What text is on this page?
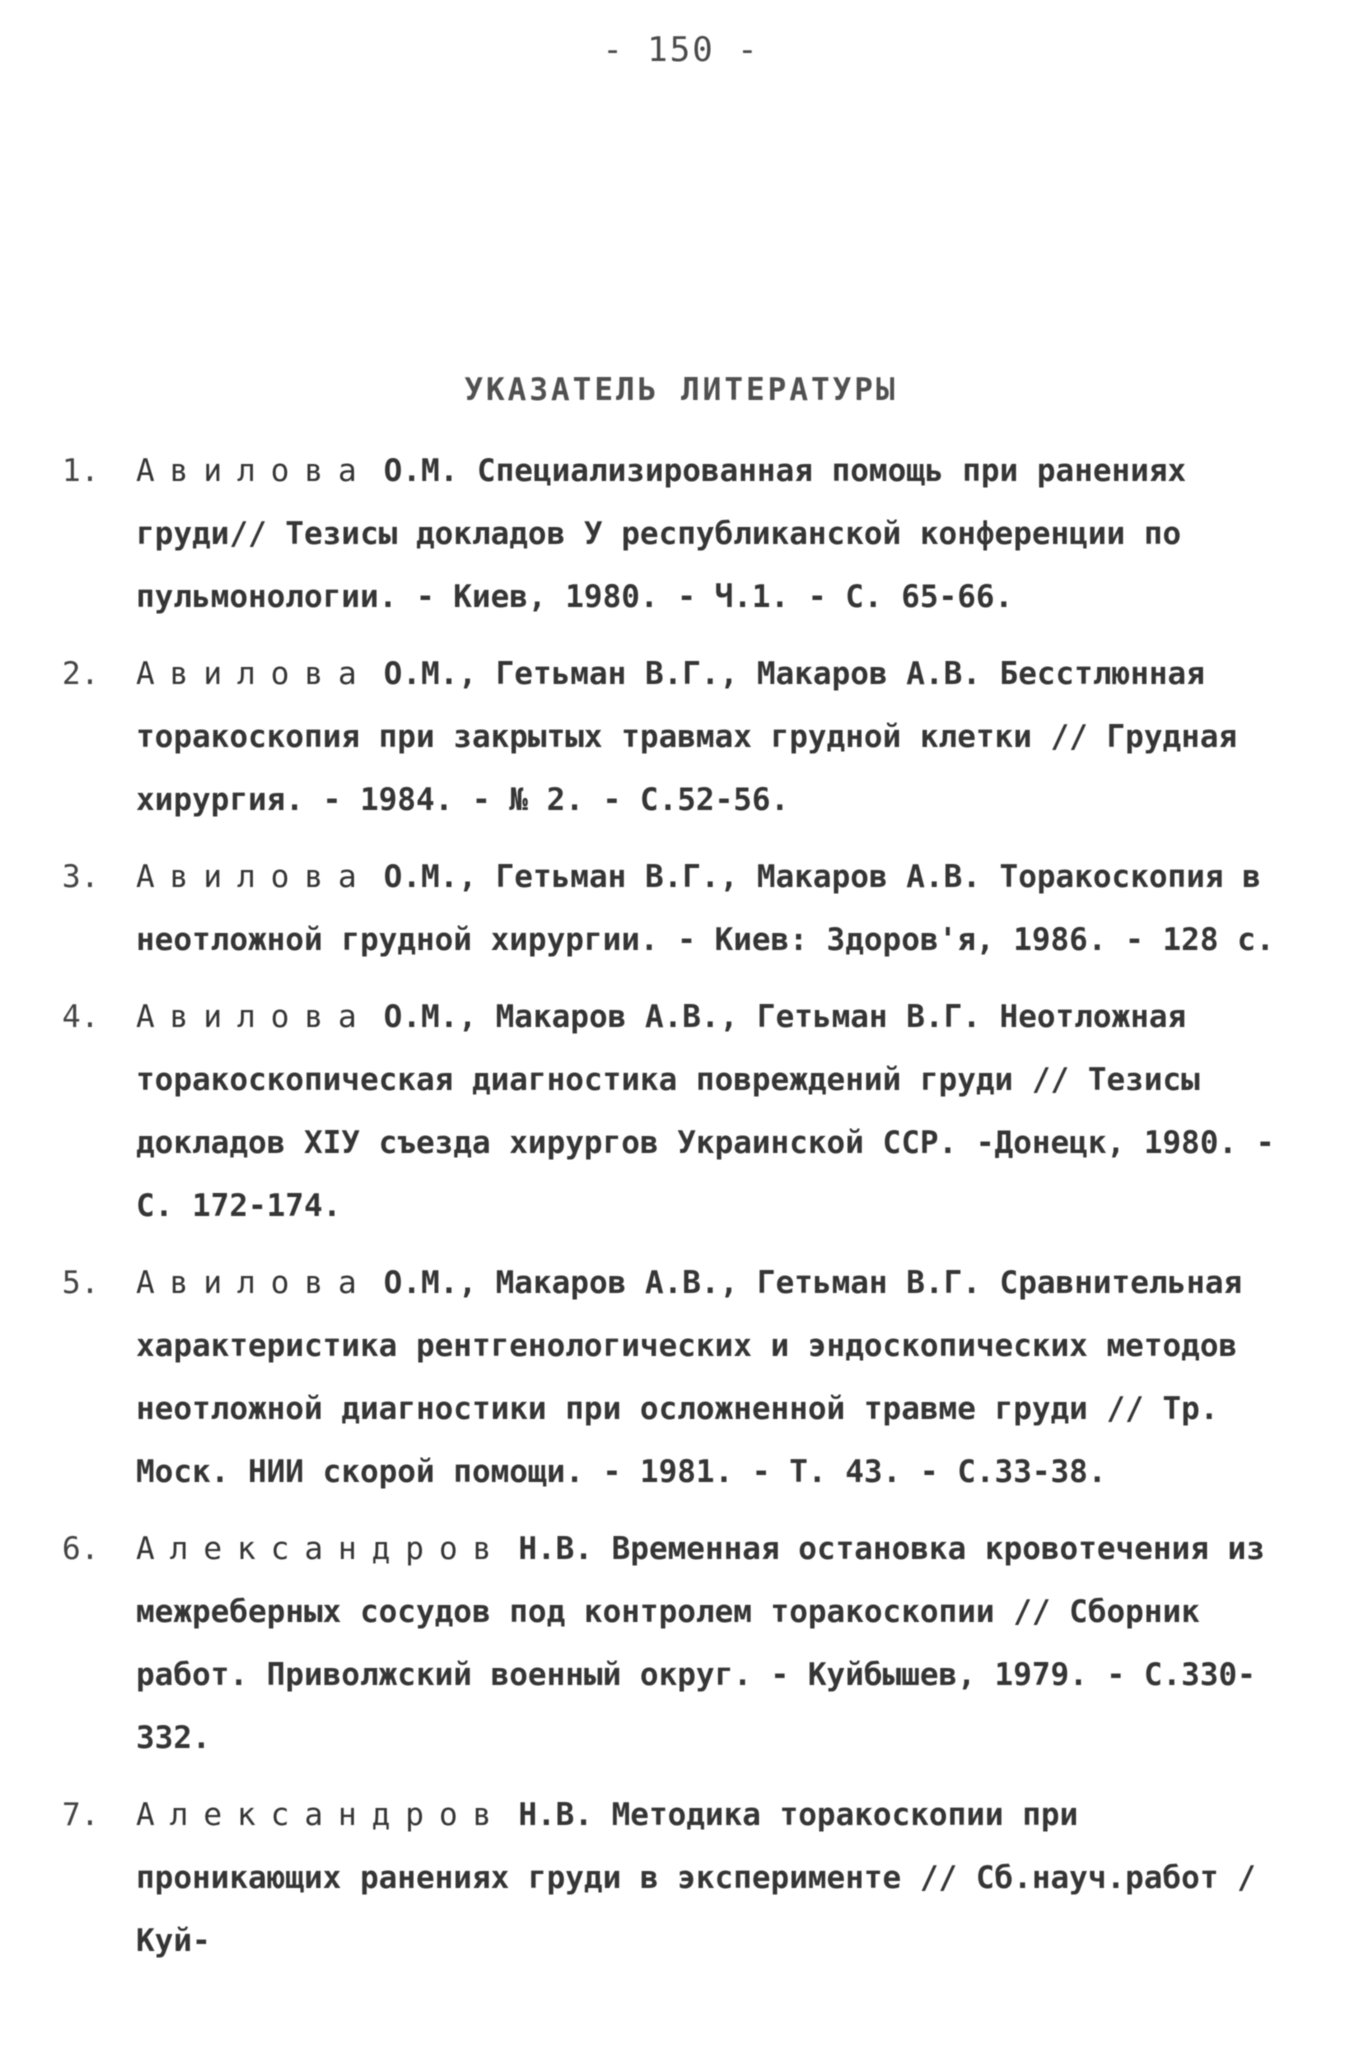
- 150 -
УКАЗАТЕЛЬ ЛИТЕРАТУРЫ
1. Авилова О.М. Специализированная помощь при ранениях груди// Тезисы докладов У республиканской конференции по пульмонологии. - Киев, 1980. - Ч.1. - С. 65-66.
2. Авилова О.М., Гетьман В.Г., Макаров А.В. Бесстлюнная торакоскопия при закрытых травмах грудной клетки // Грудная хирургия. - 1984. - № 2. - С.52-56.
3. Авилова О.М., Гетьман В.Г., Макаров А.В. Торакоскопия в неотложной грудной хирургии. - Киев: Здоров'я, 1986. - 128 с.
4. Авилова О.М., Макаров А.В., Гетьман В.Г. Неотложная торакоскопическая диагностика повреждений груди // Тезисы докладов XIУ съезда хирургов Украинской ССР. -Донецк, 1980. - С. 172-174.
5. Авилова О.М., Макаров А.В., Гетьман В.Г. Сравнительная характеристика рентгенологических и эндоскопических методов неотложной диагностики при осложненной травме груди // Тр. Моск. НИИ скорой помощи. - 1981. - Т. 43. - С.33-38.
6. Александров Н.В. Временная остановка кровотечения из межреберных сосудов под контролем торакоскопии // Сборник работ. Приволжский военный округ. - Куйбышев, 1979. - С.330-332.
7. Александров Н.В. Методика торакоскопии при проникающих ранениях груди в эксперименте // Сб.науч.работ / Куй-
